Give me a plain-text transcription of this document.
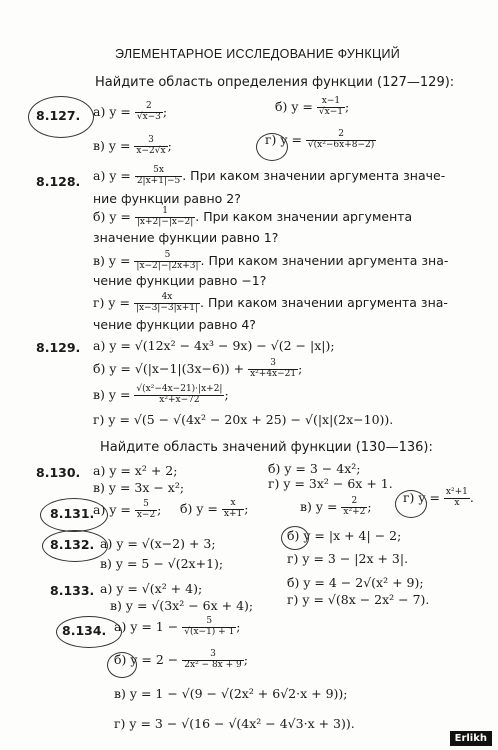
ЭЛЕМЕНТАРНОЕ ИССЛЕДОВАНИЕ ФУНКЦИЙ
Найдите область определения функции (127—129):
8.127. а) $y = \frac{2}{√x-3}$ ;	б) $y = \frac{x-1}{√x-1}$ ;
в) $y = \frac{3}{x-2√x}$ ;	г) $y = \frac{2}{\text{√(x²−6x+8−2)}}$
8.128. а) $y = \frac{5x}{2|x+1|-5}$ . При каком значении аргумента значе-
ние функции равно 2?
б) $y = \frac{1}{|x+2|-|x-2|}$ . При каком значении аргумента
значение функции равно 1?
в) $y = \frac{5}{|x-2|-|2x+3|}$ . При каком значении аргумента зна-
чение функции равно −1?
г) $y = \frac{4x}{|x-3|-3|x+1|}$ . При каком значении аргумента зна-
чение функции равно 4?
8.129. а) y = √(12x² − 4x³ − 9x) − √(2 − |x|);
б) $y = √(|x-1|(3x-6)) + \frac{3}{\text{x²+4x−21}}$ ;
в) $y = \frac{\text{√(x²−4x−21)·|x+2|}}{\text{x²+x−72}}$ ;
г) y = √(5 − √(4x² − 20x + 25) − √(|x|(2x−10)).
Найдите область значений функции (130—136):
8.130. а) y = x² + 2;	б) y = 3 − 4x²;
в) y = 3x − x²;	г) y = 3x² − 6x + 1.
8.131.
а) $y = \frac{5}{x-2}$ ; б) $y = \frac{x}{x+1}$ ;	в) $y = \frac{2}{\text{x²+2}}$ ;
г) $y = \frac{\text{x²+1}}{x}$ .
8.132. а) y = √(x−2) + 3;
б) y = |x + 4| − 2;
в) y = 5 − √(2x+1);	г) y = 3 − |2x + 3|.
8.133. а) y = √(x² + 4);	б) y = 4 − 2√(x² + 9);
в) y = √(3x² − 6x + 4);	г) y = √(8x − 2x² − 7).
8.134. а) $y = 1 - \frac{5}{√(x-1) + 1}$ ;
б) $y = 2 - \frac{3}{\text{2x² − 8x + 9}}$ ;
в) y = 1 − √(9 − √(2x² + 6√2·x + 9));
г) y = 3 − √(16 − √(4x² − 4√3·x + 3)).
Erlikh
